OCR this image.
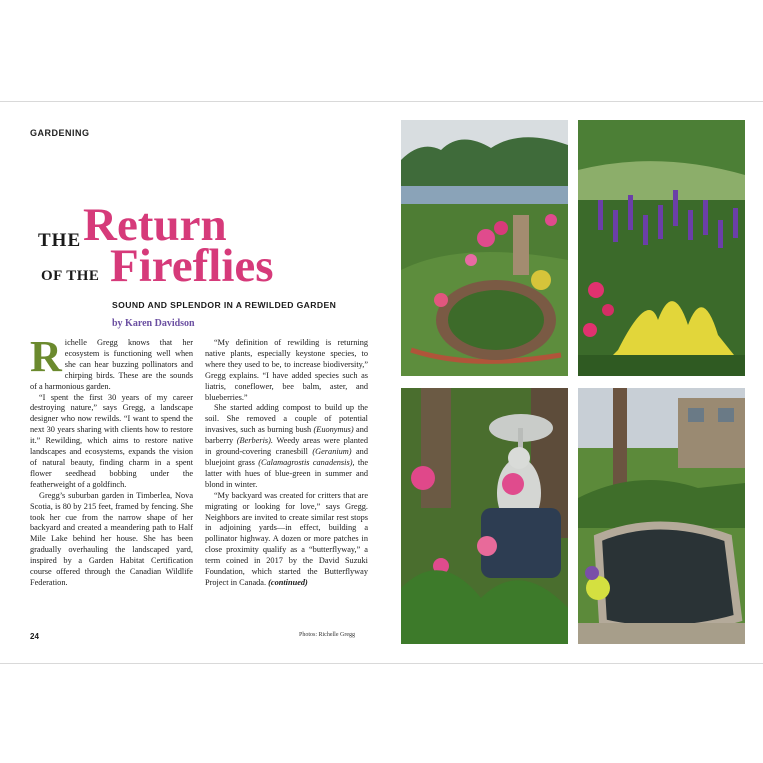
GARDENING
THE Return
OF THE Fireflies
SOUND AND SPLENDOR IN A REWILDED GARDEN
by Karen Davidson

Richelle Gregg knows that her ecosystem is functioning well when she can hear buzzing pollinators and chirping birds. These are the sounds of a harmonious garden.

“I spent the first 30 years of my career destroying nature,” says Gregg, a landscape designer who now rewilds. “I want to spend the next 30 years sharing with clients how to restore it.” Rewilding, which aims to restore native landscapes and ecosystems, expands the vision of natural beauty, finding charm in a spent flower seedhead bobbing under the featherweight of a goldfinch.

Gregg’s suburban garden in Timberlea, Nova Scotia, is 80 by 215 feet, framed by fencing. She took her cue from the narrow shape of her backyard and created a meandering path to Half Mile Lake behind her house. She has been gradually overhauling the landscaped yard, inspired by a Garden Habitat Certification course offered through the Canadian Wildlife Federation.

“My definition of rewilding is returning native plants, especially keystone species, to where they used to be, to increase biodiversity,” Gregg explains. “I have added species such as liatris, coneflower, bee balm, aster, and blueberries.”

She started adding compost to build up the soil. She removed a couple of potential invasives, such as burning bush (Euonymus) and barberry (Berberis). Weedy areas were planted in ground-covering cranesbill (Geranium) and bluejoint grass (Calamagrostis canadensis), the latter with hues of blue-green in summer and blond in winter.

“My backyard was created for critters that are migrating or looking for love,” says Gregg. Neighbors are invited to create similar rest stops in adjoining yards—in effect, building a pollinator highway. A dozen or more patches in close proximity qualify as a “butterflyway,” a term coined in 2017 by the David Suzuki Foundation, which started the Butterflyway Project in Canada. (continued)

24	Photos: Richelle Gregg
